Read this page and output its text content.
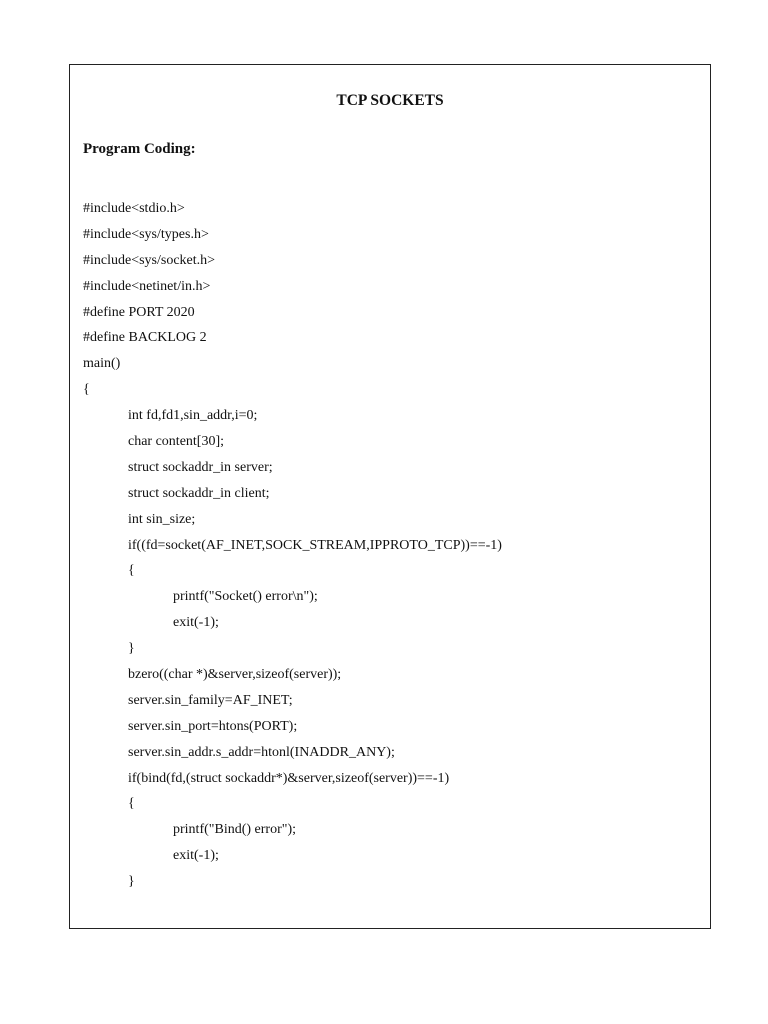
TCP SOCKETS
Program Coding:
#include<stdio.h>
#include<sys/types.h>
#include<sys/socket.h>
#include<netinet/in.h>
#define PORT 2020
#define BACKLOG 2
main()
{
int fd,fd1,sin_addr,i=0;
char content[30];
struct sockaddr_in server;
struct sockaddr_in client;
int sin_size;
if((fd=socket(AF_INET,SOCK_STREAM,IPPROTO_TCP))==-1)
{
printf("Socket() error\n");
exit(-1);
}
bzero((char *)&server,sizeof(server));
server.sin_family=AF_INET;
server.sin_port=htons(PORT);
server.sin_addr.s_addr=htonl(INADDR_ANY);
if(bind(fd,(struct sockaddr*)&server,sizeof(server))==-1)
{
printf("Bind() error");
exit(-1);
}
